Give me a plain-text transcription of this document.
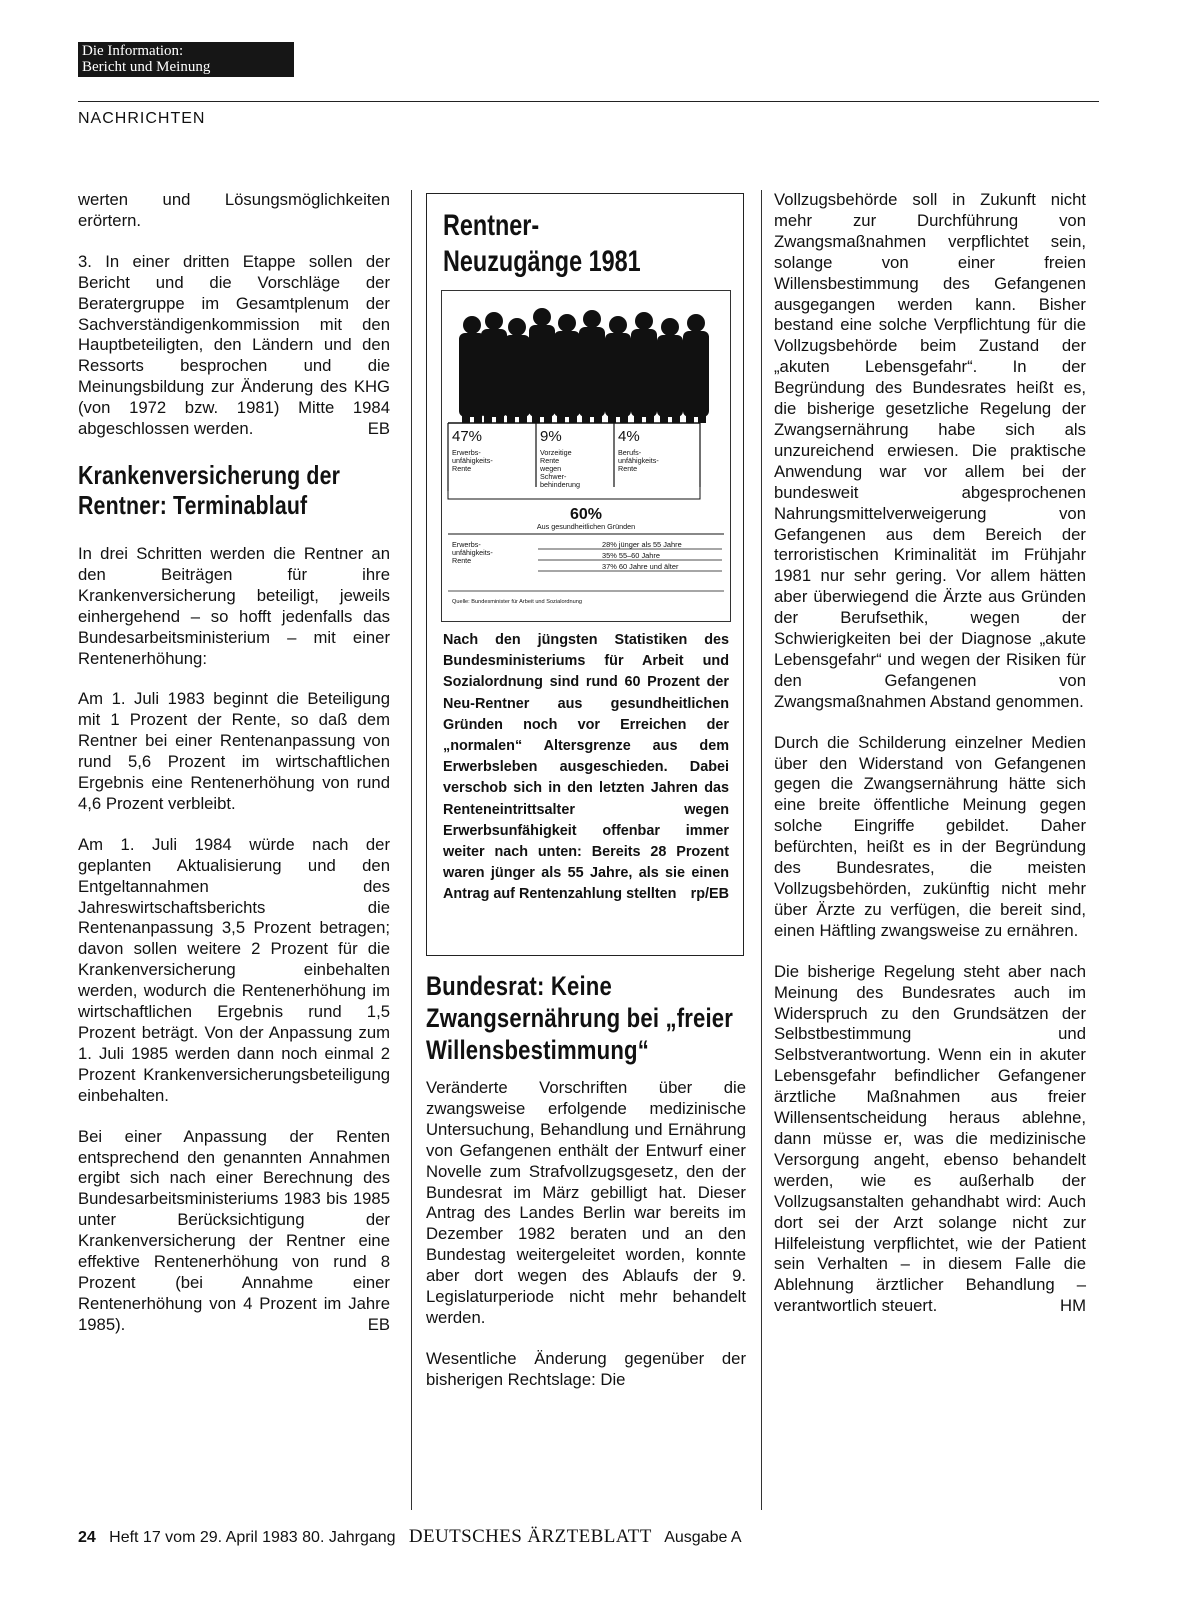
Die Information:
Bericht und Meinung
NACHRICHTEN

werten und Lösungsmöglichkeiten erörtern.

3. In einer dritten Etappe sollen der Bericht und die Vorschläge der Beratergruppe im Gesamtplenum der Sachverständigenkommission mit den Hauptbeteiligten, den Ländern und den Ressorts besprochen und die Meinungsbildung zur Änderung des KHG (von 1972 bzw. 1981) Mitte 1984 abgeschlossen werden.	EB

Krankenversicherung der Rentner: Terminablauf

In drei Schritten werden die Rentner an den Beiträgen für ihre Krankenversicherung beteiligt, jeweils einhergehend – so hofft jedenfalls das Bundesarbeitsministerium – mit einer Rentenerhöhung:

Am 1. Juli 1983 beginnt die Beteiligung mit 1 Prozent der Rente, so daß dem Rentner bei einer Rentenanpassung von rund 5,6 Prozent im wirtschaftlichen Ergebnis eine Rentenerhöhung von rund 4,6 Prozent verbleibt.

Am 1. Juli 1984 würde nach der geplanten Aktualisierung und den Entgeltannahmen des Jahreswirtschaftsberichts die Rentenanpassung 3,5 Prozent betragen; davon sollen weitere 2 Prozent für die Krankenversicherung einbehalten werden, wodurch die Rentenerhöhung im wirtschaftlichen Ergebnis rund 1,5 Prozent beträgt. Von der Anpassung zum 1. Juli 1985 werden dann noch einmal 2 Prozent Krankenversicherungsbeteiligung einbehalten.

Bei einer Anpassung der Renten entsprechend den genannten Annahmen ergibt sich nach einer Berechnung des Bundesarbeitsministeriums 1983 bis 1985 unter Berücksichtigung der Krankenversicherung der Rentner eine effektive Rentenerhöhung von rund 8 Prozent (bei Annahme einer Rentenerhöhung von 4 Prozent im Jahre 1985).	EB

Rentner-
Neuzugänge 1981
47%
Erwerbs-
unfähigkeits-
Rente
9%
Vorzeitige
Rente
wegen
Schwer-
behinderung
4%
Berufs-
unfähigkeits-
Rente
60%
Aus gesundheitlichen Gründen
Erwerbs-
unfähigkeits-
Rente
28% jünger als 55 Jahre
35% 55–60 Jahre
37% 60 Jahre und älter
Quelle: Bundesminister für Arbeit und Sozialordnung
Nach den jüngsten Statistiken des Bundesministeriums für Arbeit und Sozialordnung sind rund 60 Prozent der Neu-Rentner aus gesundheitlichen Gründen noch vor Erreichen der „normalen“ Altersgrenze aus dem Erwerbsleben ausgeschieden. Dabei verschob sich in den letzten Jahren das Renteneintrittsalter wegen Erwerbsunfähigkeit offenbar immer weiter nach unten: Bereits 28 Prozent waren jünger als 55 Jahre, als sie einen Antrag auf Rentenzahlung stellten rp/EB
Bundesrat: Keine Zwangsernährung bei „freier Willensbestimmung“

Veränderte Vorschriften über die zwangsweise erfolgende medizinische Untersuchung, Behandlung und Ernährung von Gefangenen enthält der Entwurf einer Novelle zum Strafvollzugsgesetz, den der Bundesrat im März gebilligt hat. Dieser Antrag des Landes Berlin war bereits im Dezember 1982 beraten und an den Bundestag weitergeleitet worden, konnte aber dort wegen des Ablaufs der 9. Legislaturperiode nicht mehr behandelt werden.

Wesentliche Änderung gegenüber der bisherigen Rechtslage: Die

Vollzugsbehörde soll in Zukunft nicht mehr zur Durchführung von Zwangsmaßnahmen verpflichtet sein, solange von einer freien Willensbestimmung des Gefangenen ausgegangen werden kann. Bisher bestand eine solche Verpflichtung für die Vollzugsbehörde beim Zustand der „akuten Lebensgefahr“. In der Begründung des Bundesrates heißt es, die bisherige gesetzliche Regelung der Zwangsernährung habe sich als unzureichend erwiesen. Die praktische Anwendung war vor allem bei der bundesweit abgesprochenen Nahrungsmittelverweigerung von Gefangenen aus dem Bereich der terroristischen Kriminalität im Frühjahr 1981 nur sehr gering. Vor allem hätten aber überwiegend die Ärzte aus Gründen der Berufsethik, wegen der Schwierigkeiten bei der Diagnose „akute Lebensgefahr“ und wegen der Risiken für den Gefangenen von Zwangsmaßnahmen Abstand genommen.

Durch die Schilderung einzelner Medien über den Widerstand von Gefangenen gegen die Zwangsernährung hätte sich eine breite öffentliche Meinung gegen solche Eingriffe gebildet. Daher befürchten, heißt es in der Begründung des Bundesrates, die meisten Vollzugsbehörden, zukünftig nicht mehr über Ärzte zu verfügen, die bereit sind, einen Häftling zwangsweise zu ernähren.

Die bisherige Regelung steht aber nach Meinung des Bundesrates auch im Widerspruch zu den Grundsätzen der Selbstbestimmung und Selbstverantwortung. Wenn ein in akuter Lebensgefahr befindlicher Gefangener ärztliche Maßnahmen aus freier Willensentscheidung heraus ablehne, dann müsse er, was die medizinische Versorgung angeht, ebenso behandelt werden, wie es außerhalb der Vollzugsanstalten gehandhabt wird: Auch dort sei der Arzt solange nicht zur Hilfeleistung verpflichtet, wie der Patient sein Verhalten – in diesem Falle die Ablehnung ärztlicher Behandlung – verantwortlich steuert.	HM

24 Heft 17 vom 29. April 1983 80. Jahrgang DEUTSCHES ÄRZTEBLATT Ausgabe A
